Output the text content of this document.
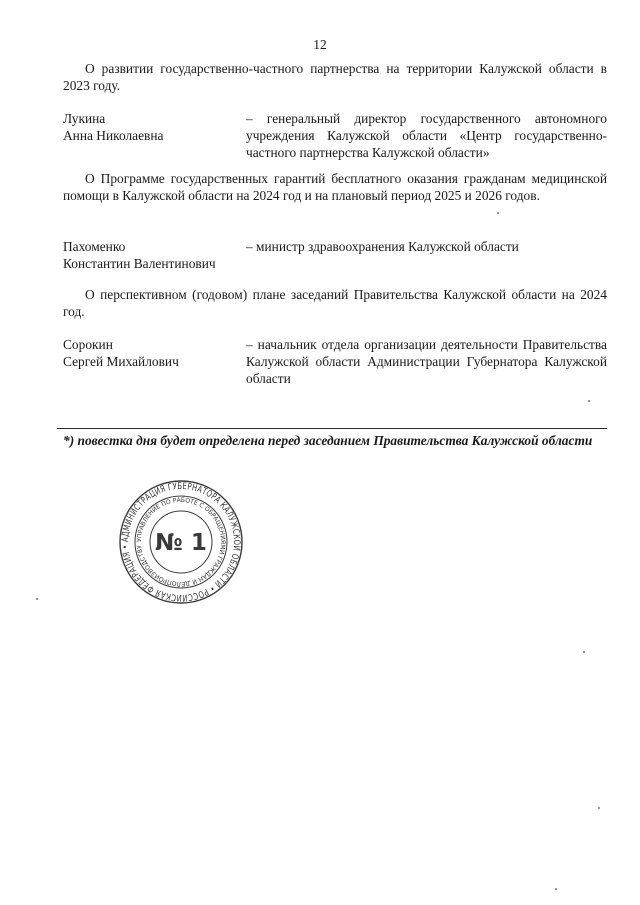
12
О развитии государственно-частного партнерства на территории Калужской области в 2023 году.
Лукина
Анна Николаевна
– генеральный директор государственного автономного учреждения Калужской области «Центр государственно-частного партнерства Калужской области»
О Программе государственных гарантий бесплатного оказания гражданам медицинской помощи в Калужской области на 2024 год и на плановый период 2025 и 2026 годов.
Пахоменко
Константин Валентинович
– министр здравоохранения Калужской области
О перспективном (годовом) плане заседаний Правительства Калужской области на 2024 год.
Сорокин
Сергей Михайлович
– начальник отдела организации деятельности Правительства Калужской области Администрации Губернатора Калужской области
*) повестка дня будет определена перед заседанием Правительства Калужской области
АДМИНИСТРАЦИЯ ГУБЕРНАТОРА КАЛУЖСКОЙ ОБЛАСТИ • РОССИЙСКАЯ ФЕДЕРАЦИЯ •
УПРАВЛЕНИЕ ПО РАБОТЕ С ОБРАЩЕНИЯМИ ГРАЖДАН И ДЕЛОПРОИЗВОДСТВУ № 1
